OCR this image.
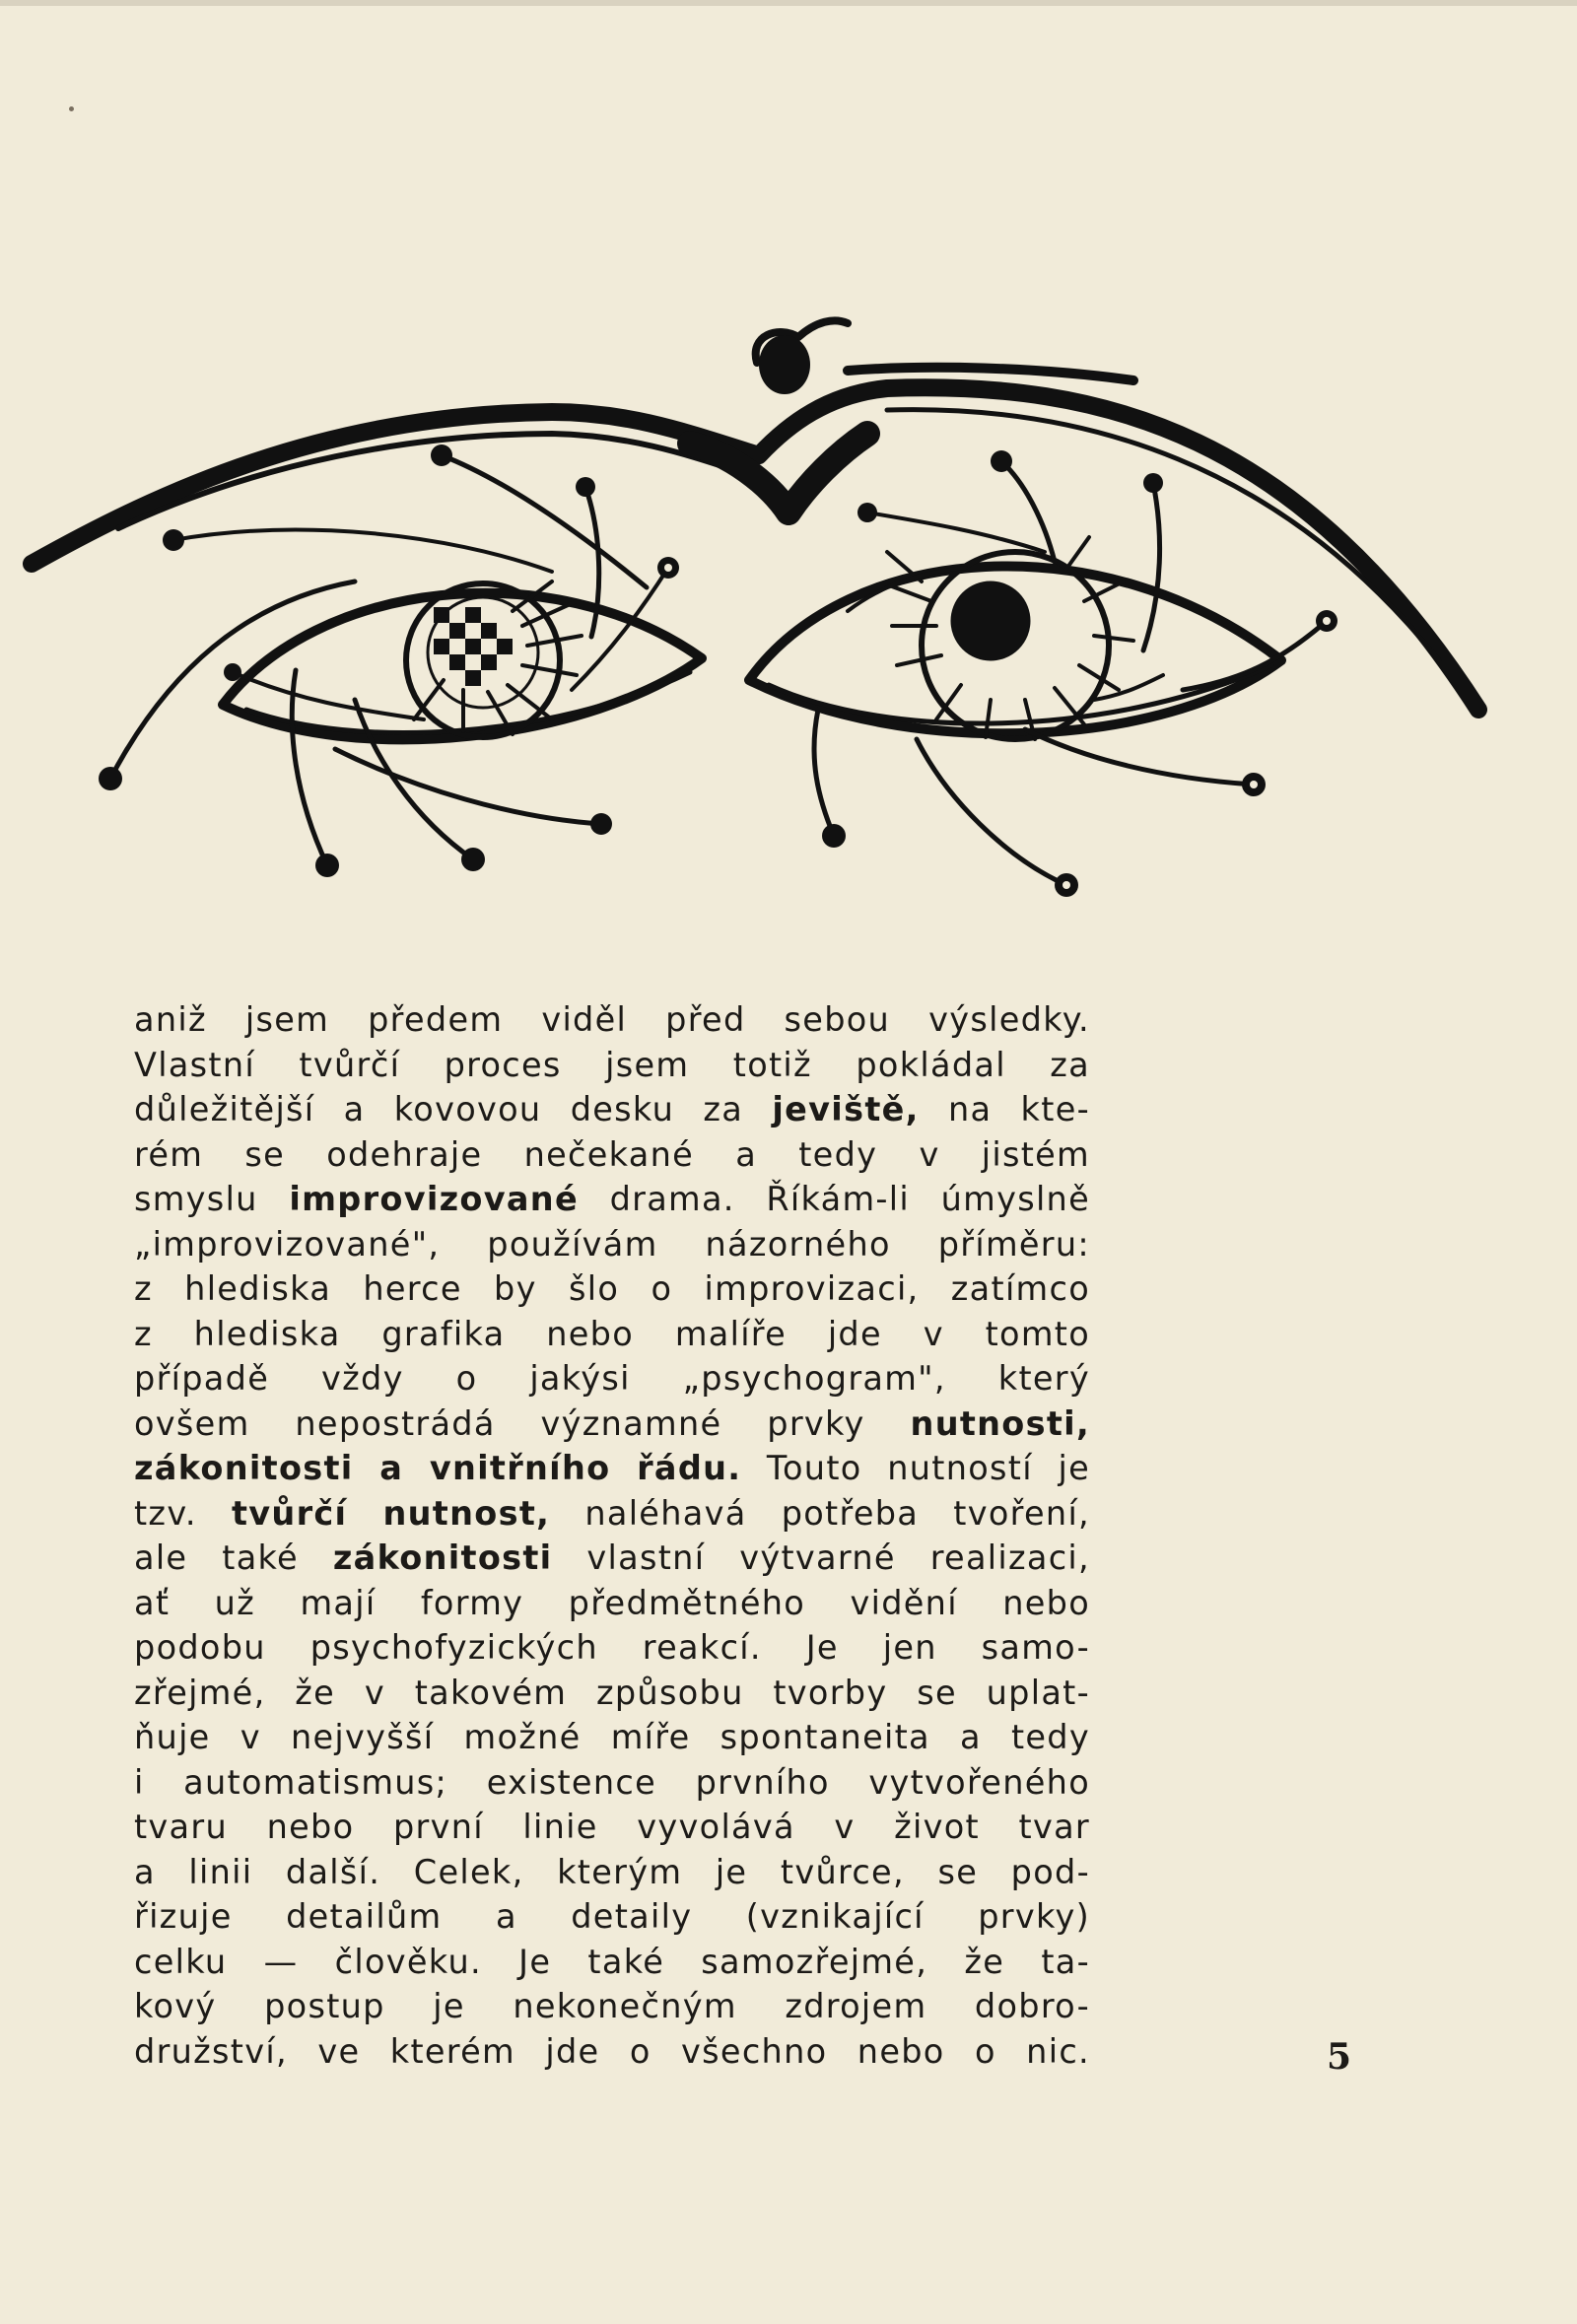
aniž jsem předem viděl před sebou výsledky.
Vlastní tvůrčí proces jsem totiž pokládal za
důležitější a kovovou desku za jeviště, na kte-
rém se odehraje nečekané a tedy v jistém
smyslu improvizované drama. Říkám-li úmyslně
„improvizované", používám názorného příměru:
z hlediska herce by šlo o improvizaci, zatímco
z hlediska grafika nebo malíře jde v tomto
případě vždy o jakýsi „psychogram", který
ovšem nepostrádá významné prvky nutnosti,
zákonitosti a vnitřního řádu. Touto nutností je
tzv. tvůrčí nutnost, naléhavá potřeba tvoření,
ale také zákonitosti vlastní výtvarné realizaci,
ať už mají formy předmětného vidění nebo
podobu psychofyzických reakcí. Je jen samo-
zřejmé, že v takovém způsobu tvorby se uplat-
ňuje v nejvyšší možné míře spontaneita a tedy
i automatismus; existence prvního vytvořeného
tvaru nebo první linie vyvolává v život tvar
a linii další. Celek, kterým je tvůrce, se pod-
řizuje detailům a detaily (vznikající prvky)
celku — člověku. Je také samozřejmé, že ta-
kový postup je nekonečným zdrojem dobro-
družství, ve kterém jde o všechno nebo o nic.	5
